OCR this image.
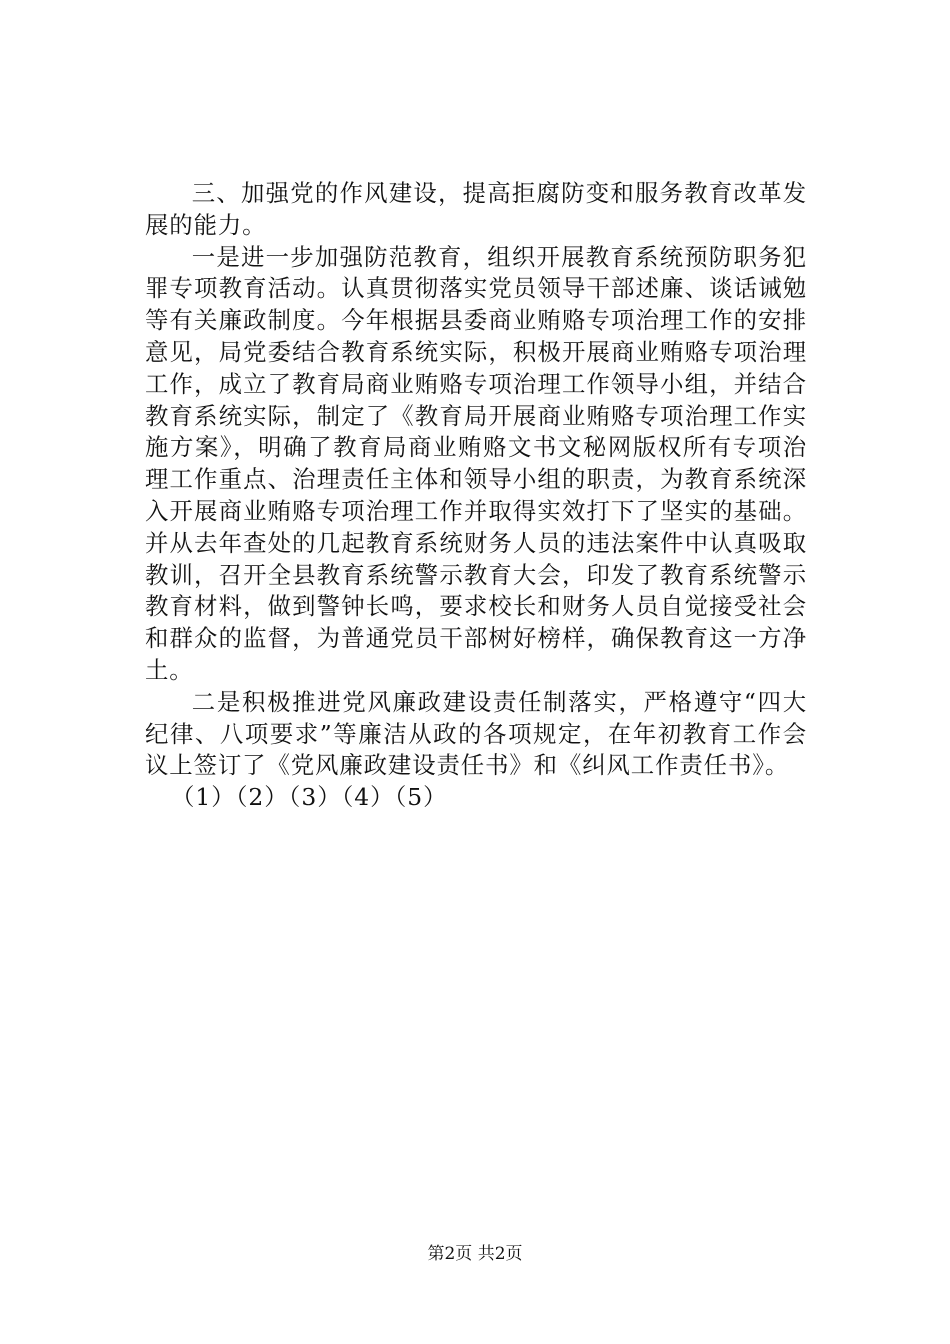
三、加强党的作风建设，提高拒腐防变和服务教育改革发展的能力。

一是进一步加强防范教育，组织开展教育系统预防职务犯罪专项教育活动。认真贯彻落实党员领导干部述廉、谈话诫勉等有关廉政制度。今年根据县委商业贿赂专项治理工作的安排意见，局党委结合教育系统实际，积极开展商业贿赂专项治理工作，成立了教育局商业贿赂专项治理工作领导小组，并结合教育系统实际，制定了《教育局开展商业贿赂专项治理工作实施方案》，明确了教育局商业贿赂文书文秘网版权所有专项治理工作重点、治理责任主体和领导小组的职责，为教育系统深入开展商业贿赂专项治理工作并取得实效打下了坚实的基础。并从去年查处的几起教育系统财务人员的违法案件中认真吸取教训，召开全县教育系统警示教育大会，印发了教育系统警示教育材料，做到警钟长鸣，要求校长和财务人员自觉接受社会和群众的监督，为普通党员干部树好榜样，确保教育这一方净土。

二是积极推进党风廉政建设责任制落实，严格遵守“四大纪律、八项要求”等廉洁从政的各项规定，在年初教育工作会议上签订了《党风廉政建设责任书》和《纠风工作责任书》。

（1）（2）（3）（4）（5）

第2页 共2页
